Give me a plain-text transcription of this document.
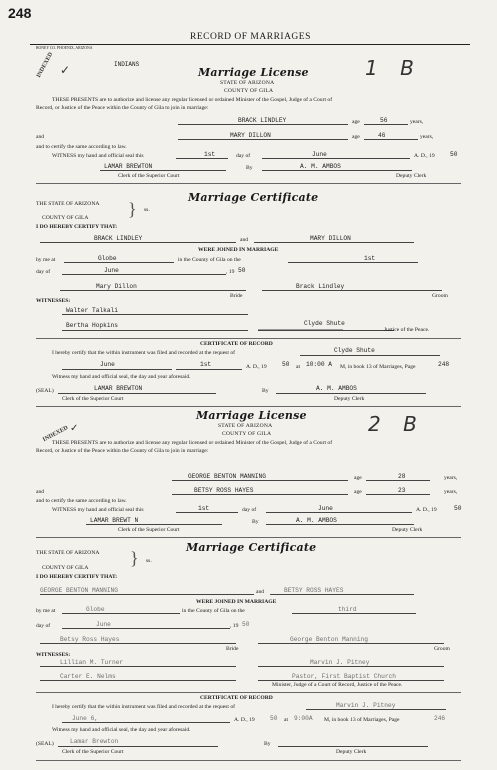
248
RECORD OF MARRIAGES
BONEY CO. PHOENIX, ARIZONA
INDIANS
INDEXED ✓	1 B
Marriage License
STATE OF ARIZONA
COUNTY OF GILA
THESE PRESENTS are to authorize and license any regular licensed or ordained Minister of the Gospel, Judge of a Court of
Record, or Justice of the Peace within the County of Gila to join in marriage:
BRACK LINDLEY	age	56	years,
and	MARY DILLON	age	46	years,
and to certify the same according to law.
WITNESS my hand and official seal this	1st	day of	June	A. D., 19 50
LAMAR BREWTON	By	A. M. AMBOS
Clerk of the Superior Court	Deputy Clerk
Marriage Certificate
THE STATE OF ARIZONA } ss.
COUNTY OF GILA
I DO HEREBY CERTIFY THAT:
BRACK LINDLEY	and	MARY DILLON
WERE JOINED IN MARRIAGE
by me at	Globe	in the County of Gila on the	1st
day of	June	, 19 50
Mary Dillon	Brack Lindley
Bride	Groom
WITNESSES:
Walter Talkali
Bertha Hopkins	Clyde Shute
▬▬▬▬▬▬▬▬▬▬▬▬▬▬▬▬▬	Justice of the Peace.
CERTIFICATE OF RECORD
I hereby certify that the within instrument was filed and recorded at the request of	Clyde Shute
June	1st	A. D., 19 50 at 10:00 A M, in book 13 of Marriages, Page	248
Witness my hand and official seal, the day and year aforesaid.
(SEAL)	LAMAR BREWTON	By	A. M. AMBOS
Clerk of the Superior Court	Deputy Clerk
INDEXED ✓	2 B
Marriage License
STATE OF ARIZONA
COUNTY OF GILA
THESE PRESENTS are to authorize and license any regular licensed or ordained Minister of the Gospel, Judge of a Court of
Record, or Justice of the Peace within the County of Gila to join in marriage:
GEORGE BENTON MANNING	age	28	years,
and	BETSY ROSS HAYES	age	23	years,
and to certify the same according to law.
WITNESS my hand and official seal this	1st	day of	June	A. D., 19	50
LAMAR BREWT N	By	A. M. AMBOS
Clerk of the Superior Court	Deputy Clerk
Marriage Certificate
THE STATE OF ARIZONA } ss.
COUNTY OF GILA
I DO HEREBY CERTIFY THAT:
GEORGE BENTON MANNING	and	BETSY ROSS HAYES
WERE JOINED IN MARRIAGE
by me at	Globe	in the County of Gila on the	third
day of	June	, 19 50
Betsy Ross Hayes	George Benton Manning
Bride	Groom
WITNESSES:
Lillian M. Turner	Marvin J. Pitney
Carter E. Nelms	Pastor, First Baptist Church
Minister, Judge of a Court of Record, Justice of the Peace.
CERTIFICATE OF RECORD
I hereby certify that the within instrument was filed and recorded at the request of	Marvin J. Pitney
June 6,	A. D., 19 50 at 9:00A M, in book 13 of Marriages, Page	246
Witness my hand and official seal, the day and year aforesaid.
(SEAL)	Lamar Brewton	By
Clerk of the Superior Court	Deputy Clerk
